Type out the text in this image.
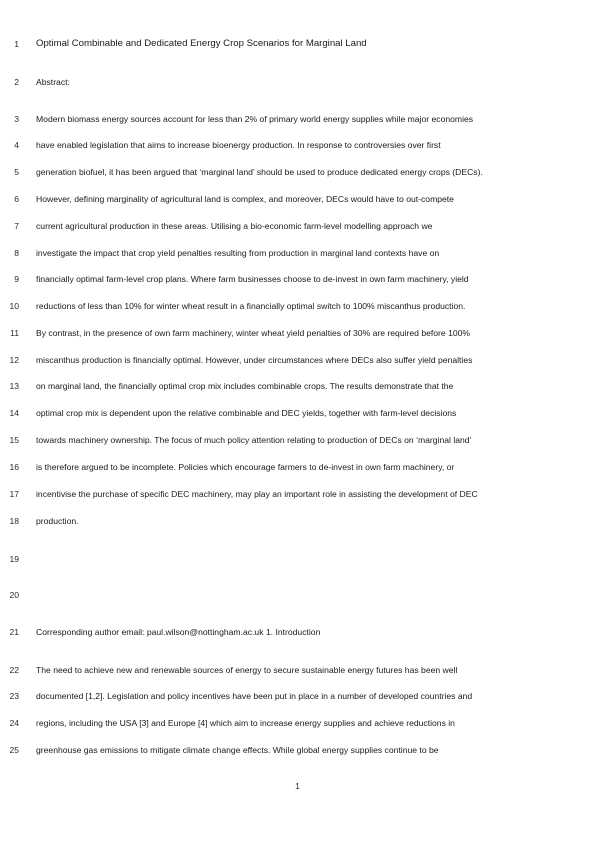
1 Optimal Combinable and Dedicated Energy Crop Scenarios for Marginal Land
2 Abstract:
3 Modern biomass energy sources account for less than 2% of primary world energy supplies while major economies
4 have enabled legislation that aims to increase bioenergy production. In response to controversies over first
5 generation biofuel, it has been argued that ‘marginal land’ should be used to produce dedicated energy crops (DECs).
6 However, defining marginality of agricultural land is complex, and moreover, DECs would have to out-compete
7 current agricultural production in these areas. Utilising a bio-economic farm-level modelling approach we
8 investigate the impact that crop yield penalties resulting from production in marginal land contexts have on
9 financially optimal farm-level crop plans. Where farm businesses choose to de-invest in own farm machinery, yield
10 reductions of less than 10% for winter wheat result in a financially optimal switch to 100% miscanthus production.
11 By contrast, in the presence of own farm machinery, winter wheat yield penalties of 30% are required before 100%
12 miscanthus production is financially optimal. However, under circumstances where DECs also suffer yield penalties
13 on marginal land, the financially optimal crop mix includes combinable crops. The results demonstrate that the
14 optimal crop mix is dependent upon the relative combinable and DEC yields, together with farm-level decisions
15 towards machinery ownership. The focus of much policy attention relating to production of DECs on ‘marginal land’
16 is therefore argued to be incomplete. Policies which encourage farmers to de-invest in own farm machinery, or
17 incentivise the purchase of specific DEC machinery, may play an important role in assisting the development of DEC
18 production.
19
20
21 Corresponding author email: paul.wilson@nottingham.ac.uk 1. Introduction
22 The need to achieve new and renewable sources of energy to secure sustainable energy futures has been well
23 documented [1,2]. Legislation and policy incentives have been put in place in a number of developed countries and
24 regions, including the USA [3] and Europe [4] which aim to increase energy supplies and achieve reductions in
25 greenhouse gas emissions to mitigate climate change effects. While global energy supplies continue to be
1
